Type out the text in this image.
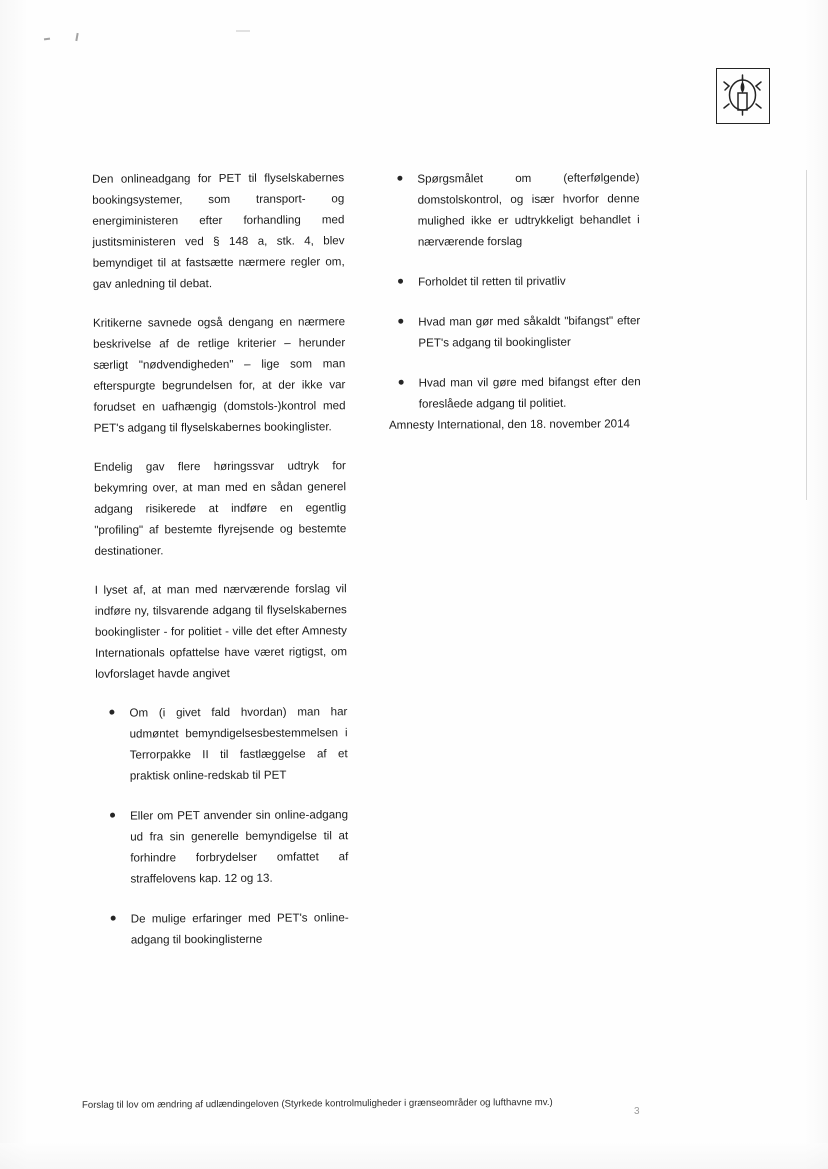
Den onlineadgang for PET til flyselskabernes bookingsystemer, som transport- og energiministeren efter forhandling med justitsministeren ved § 148 a, stk. 4, blev bemyndiget til at fastsætte nærmere regler om, gav anledning til debat.

Kritikerne savnede også dengang en nærmere beskrivelse af de retlige kriterier – herunder særligt "nødvendigheden" – lige som man efterspurgte begrundelsen for, at der ikke var forudset en uafhængig (domstols-)kontrol med PET's adgang til flyselskabernes bookinglister.

Endelig gav flere høringssvar udtryk for bekymring over, at man med en sådan generel adgang risikerede at indføre en egentlig "profiling" af bestemte flyrejsende og bestemte destinationer.

I lyset af, at man med nærværende forslag vil indføre ny, tilsvarende adgang til flyselskabernes bookinglister - for politiet - ville det efter Amnesty Internationals opfattelse have været rigtigst, om lovforslaget havde angivet

Om (i givet fald hvordan) man har udmøntet bemyndigelsesbestemmelsen i Terrorpakke II til fastlæggelse af et praktisk online-redskab til PET
Eller om PET anvender sin online-adgang ud fra sin generelle bemyndigelse til at forhindre forbrydelser omfattet af straffelovens kap. 12 og 13.
De mulige erfaringer med PET's online-adgang til bookinglisterne
Spørgsmålet om (efterfølgende) domstolskontrol, og især hvorfor denne mulighed ikke er udtrykkeligt behandlet i nærværende forslag
Forholdet til retten til privatliv
Hvad man gør med såkaldt "bifangst" efter PET's adgang til bookinglister
Hvad man vil gøre med bifangst efter den foreslåede adgang til politiet.

Amnesty International, den 18. november 2014

Forslag til lov om ændring af udlændingeloven (Styrkede kontrolmuligheder i grænseområder og lufthavne mv.)
3
